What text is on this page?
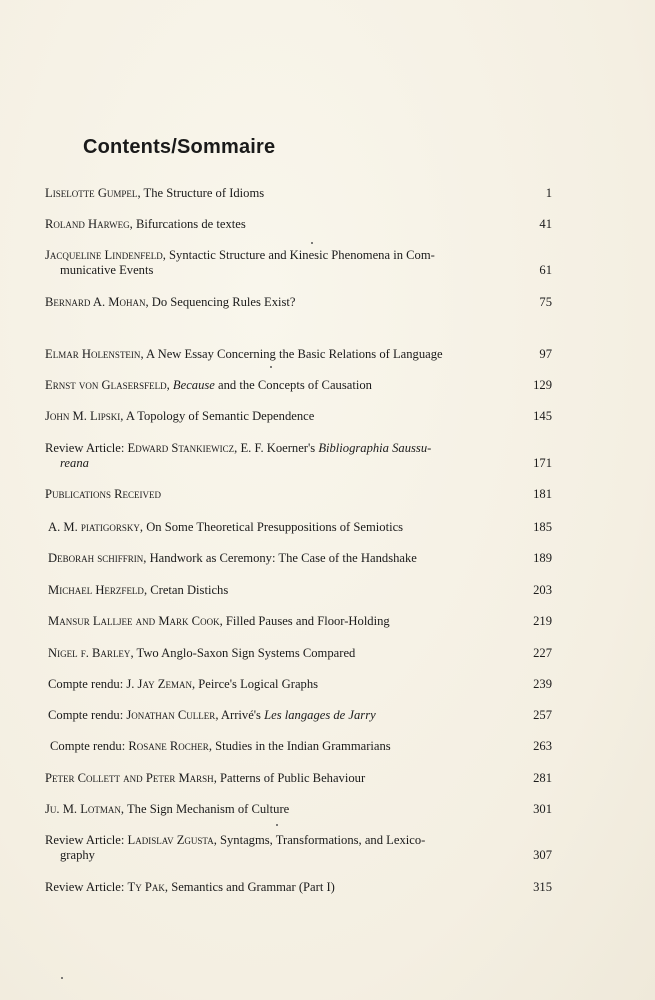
Contents/Sommaire
Liselotte Gumpel, The Structure of Idioms	1
Roland Harweg, Bifurcations de textes	41
Jacqueline Lindenfeld, Syntactic Structure and Kinesic Phenomena in Com-
municative Events	61
Bernard A. Mohan, Do Sequencing Rules Exist?	75
Elmar Holenstein, A New Essay Concerning the Basic Relations of Language	97
Ernst von Glasersfeld, Because and the Concepts of Causation	129
John M. Lipski, A Topology of Semantic Dependence	145
Review Article: Edward Stankiewicz, E. F. Koerner's Bibliographia Saussu-
reana	171
Publications Received	181
A. M. piatigorsky, On Some Theoretical Presuppositions of Semiotics	185
Deborah schiffrin, Handwork as Ceremony: The Case of the Handshake	189
Michael Herzfeld, Cretan Distichs	203
Mansur Lalljee and Mark Cook, Filled Pauses and Floor-Holding	219
Nigel f. Barley, Two Anglo-Saxon Sign Systems Compared	227
Compte rendu: J. Jay Zeman, Peirce's Logical Graphs	239
Compte rendu: Jonathan Culler, Arrivé's Les langages de Jarry	257
Compte rendu: Rosane Rocher, Studies in the Indian Grammarians	263
Peter Collett and Peter Marsh, Patterns of Public Behaviour	281
Ju. M. Lotman, The Sign Mechanism of Culture	301
Review Article: Ladislav Zgusta, Syntagms, Transformations, and Lexico-
graphy	307
Review Article: Ty Pak, Semantics and Grammar (Part I)	315
